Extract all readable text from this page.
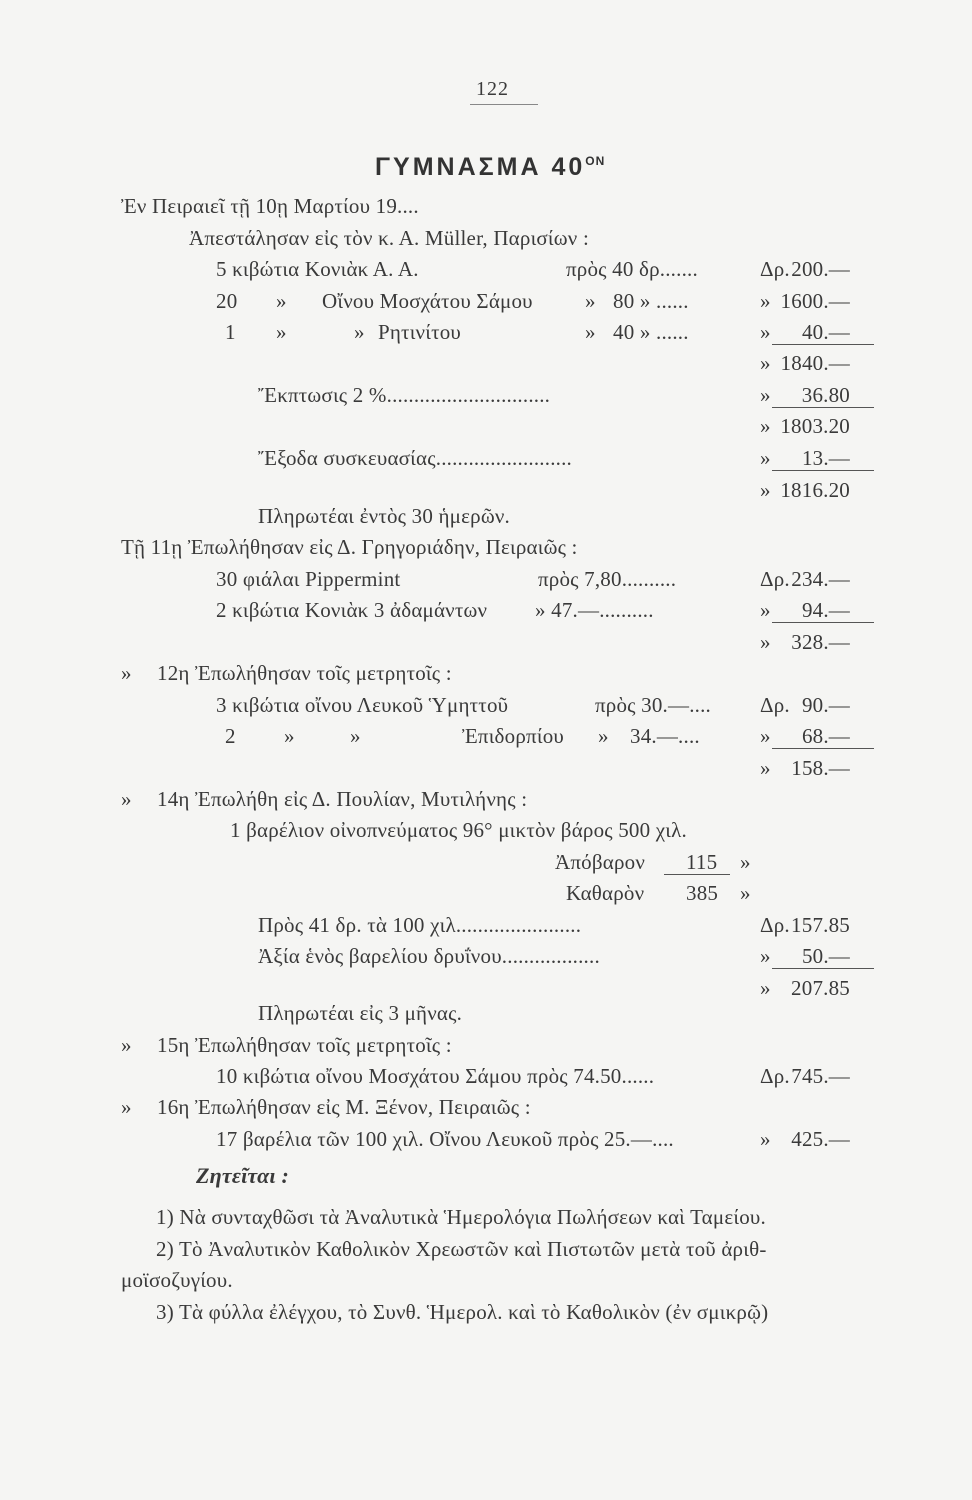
122
ΓΥΜΝΑΣΜΑ $40^{ON}$
Ἐν Πειραιεῖ τῇ 10ῃ Μαρτίου 19....
Ἀπεστάλησαν εἰς τὸν κ. Α. Müller, Παρισίων :
5 κιβώτια Κονιὰκ Α. Α.	πρὸς 40 δρ.......	Δρ. 200.—
20 » Οἴνου Μοσχάτου Σάμου » 80 » ......	» 1600.—
1 »	» Ρητινίτου	» 40 » ......	» 40.—
» 1840.—
Ἔκπτωσις 2 %..............................	» 36.80
» 1803.20
Ἔξοδα συσκευασίας.........................	» 13.—
» 1816.20
Πληρωτέαι ἐντὸς 30 ἡμερῶν.
Τῇ 11ῃ Ἐπωλήθησαν εἰς Δ. Γρηγοριάδην, Πειραιῶς :
30 φιάλαι Pippermint	πρὸς 7,80..........	Δρ. 234.—
2 κιβώτια Κονιὰκ 3 ἀδαμάντων » 47.—..........	» 94.—
» 328.—
» 12η Ἐπωλήθησαν τοῖς μετρητοῖς :
3 κιβώτια οἴνου Λευκοῦ Ὑμηττοῦ	πρὸς 30.—.... Δρ. 90.—
2 »	»	Ἐπιδορπίου » 34.—....	» 68.—
» 158.—
» 14η Ἐπωλήθη εἰς Δ. Πουλίαν, Μυτιλήνης :
1 βαρέλιον οἰνοπνεύματος 96° μικτὸν βάρος 500 χιλ.
Ἀπόβαρον 115 »
Καθαρὸν 385 »
Πρὸς 41 δρ. τὰ 100 χιλ.......................	Δρ. 157.85
Ἀξία ἑνὸς βαρελίου δρυΐνου..................	» 50.—
» 207.85
Πληρωτέαι εἰς 3 μῆνας.
» 15η Ἐπωλήθησαν τοῖς μετρητοῖς :
10 κιβώτια οἴνου Μοσχάτου Σάμου πρὸς 74.50......	Δρ. 745.—
» 16η Ἐπωλήθησαν εἰς Μ. Ξένον, Πειραιῶς :
17 βαρέλια τῶν 100 χιλ. Οἴνου Λευκοῦ πρὸς 25.—....	» 425.—
Ζητεῖται :
1) Νὰ συνταχθῶσι τὰ Ἀναλυτικὰ Ἡμερολόγια Πωλήσεων καὶ Ταμείου.
2) Τὸ Ἀναλυτικὸν Καθολικὸν Χρεωστῶν καὶ Πιστωτῶν μετὰ τοῦ ἀριθ-
μοϊσοζυγίου.
3) Τὰ φύλλα ἐλέγχου, τὸ Συνθ. Ἡμερολ. καὶ τὸ Καθολικὸν (ἐν σμικρῷ)
